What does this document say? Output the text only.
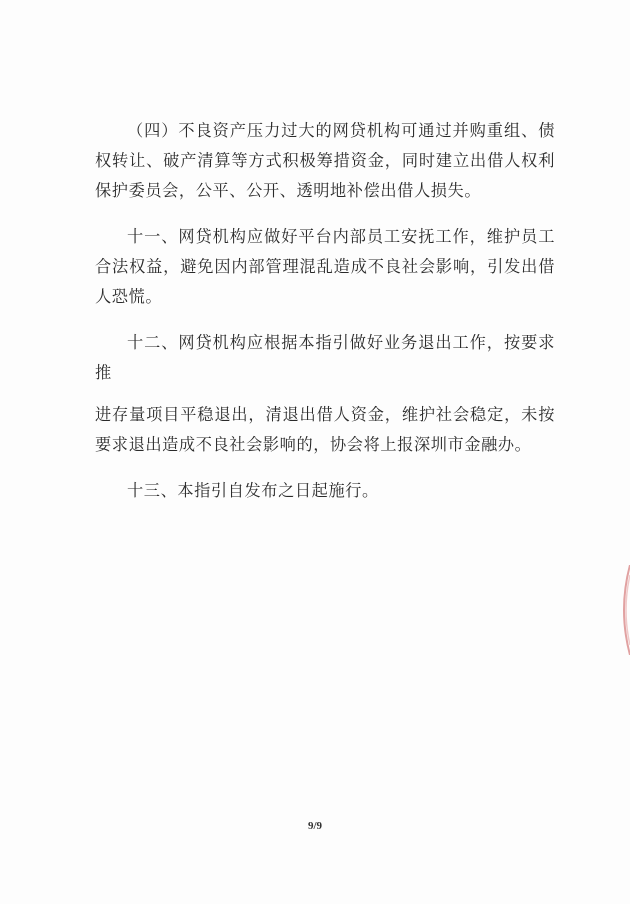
（四）不良资产压力过大的网贷机构可通过并购重组、债权转让、破产清算等方式积极筹措资金，同时建立出借人权利保护委员会，公平、公开、透明地补偿出借人损失。

十一、网贷机构应做好平台内部员工安抚工作，维护员工合法权益，避免因内部管理混乱造成不良社会影响，引发出借人恐慌。

十二、网贷机构应根据本指引做好业务退出工作，按要求推

进存量项目平稳退出，清退出借人资金，维护社会稳定，未按要求退出造成不良社会影响的，协会将上报深圳市金融办。

十三、本指引自发布之日起施行。

9/9
